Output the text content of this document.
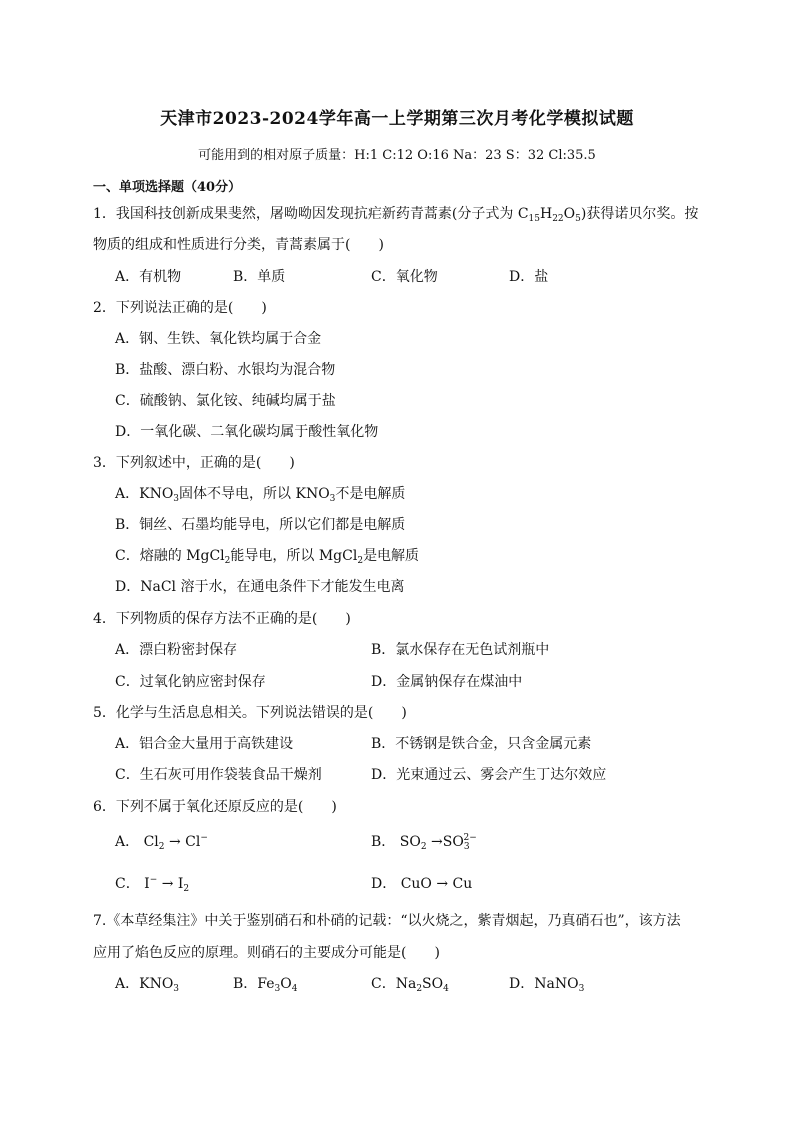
天津市2023-2024学年高一上学期第三次月考化学模拟试题
可能用到的相对原子质量：H:1 C:12 O:16 Na：23 S：32 Cl:35.5
一、单项选择题（40分）
1．我国科技创新成果斐然，屠呦呦因发现抗疟新药青蒿素(分子式为 $C_{15}H_{22}O_5$)获得诺贝尔奖。按
物质的组成和性质进行分类，青蒿素属于(　　)
A．有机物	B．单质	C．氧化物	D．盐
2．下列说法正确的是(　　)
A．钢、生铁、氧化铁均属于合金
B．盐酸、漂白粉、水银均为混合物
C．硫酸钠、氯化铵、纯碱均属于盐
D．一氧化碳、二氧化碳均属于酸性氧化物
3．下列叙述中，正确的是(　　)
A．$KNO_3$固体不导电，所以 $KNO_3$不是电解质
B．铜丝、石墨均能导电，所以它们都是电解质
C．熔融的 MgCl$_2$能导电，所以 MgCl$_2$是电解质
D．NaCl 溶于水，在通电条件下才能发生电离
4．下列物质的保存方法不正确的是(　　)
A．漂白粉密封保存	B．氯水保存在无色试剂瓶中
C．过氧化钠应密封保存	D．金属钠保存在煤油中
5．化学与生活息息相关。下列说法错误的是(　　)
A．铝合金大量用于高铁建设	B．不锈钢是铁合金，只含金属元素
C．生石灰可用作袋装食品干燥剂	D．光束通过云、雾会产生丁达尔效应
6．下列不属于氧化还原反应的是(　　)
A． $Cl_2 \to Cl^-$	B． $SO_2 \to SO_3^{2-}$
C． $I^- \to I_2$	D． CuO → Cu
7.《本草经集注》中关于鉴别硝石和朴硝的记载：“以火烧之，紫青烟起，乃真硝石也”，该方法
应用了焰色反应的原理。则硝石的主要成分可能是(　　)
A．$KNO_3$	B．$Fe_3O_4$	C．$Na_2SO_4$	D．NaNO$_3$
